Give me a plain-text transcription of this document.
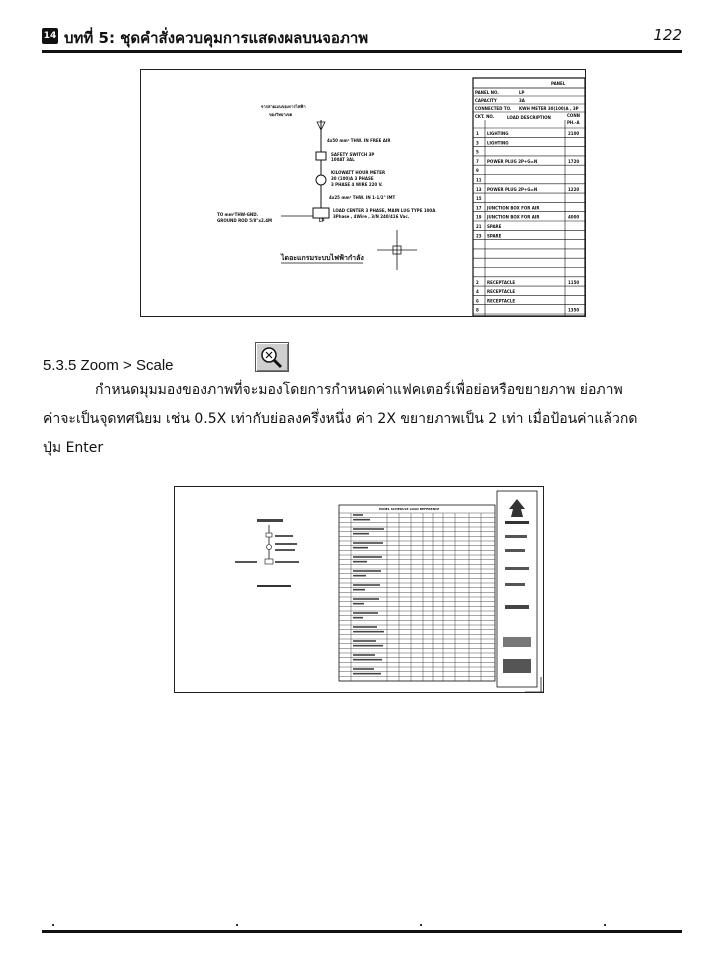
14 บทที่ 5: ชุดคำสั่งควบคุมการแสดงผลบนจอภาพ	122
จากสายเมนของการไฟฟ้า
ของวิทยาเขต
4x50 mm² THW. IN FREE AIR
SAFETY SWITCH 3P
100AT 3AL
KILOWATT HOUR METER
30 (100)A 3 PHASE
3 PHASE 4 WIRE 220 V.
4x25 mm² THW. IN 1-1/2" IMT
LP
LOAD CENTER 3 PHASE, MAIN LUG TYPE 100A
3Phase , 4Wire , 3/N 240/416 Vac.
TO mm²THW-GND.
GROUND ROD 5/8"x2.4M
ไดอะแกรมระบบไฟฟ้ากำลัง
PANEL
PANEL NO.	LP
CAPACITY	3A
CONNECTED TO. KWH METER 30(100)A , 3P
CKT. NO.	LOAD DESCRIPTION	CONN
PH.-A
1 LIGHTING	2100
3 LIGHTING
5
7 POWER PLUG 2P+G=N	1720
9
11
13 POWER PLUG 2P+G=N	1220
15
17 JUNCTION BOX FOR AIR
19 JUNCTION BOX FOR AIR	4000
21 SPARE
23 SPARE
2 RECEPTACLE	1150
4 RECEPTACLE
6 RECEPTACLE
8	1350
5.3.5 Zoom > Scale
กำหนดมุมมองของภาพที่จะมองโดยการกำหนดค่าแฟคเตอร์เพื่อย่อหรือขยายภาพ ย่อภาพ
ค่าจะเป็นจุดทศนิยม เช่น 0.5X เท่ากับย่อลงครึ่งหนึ่ง ค่า 2X ขยายภาพเป็น 2 เท่า เมื่อป้อนค่าแล้วกด
ปุ่ม Enter
PANEL SCHEDULE LOAD REFERENCE
